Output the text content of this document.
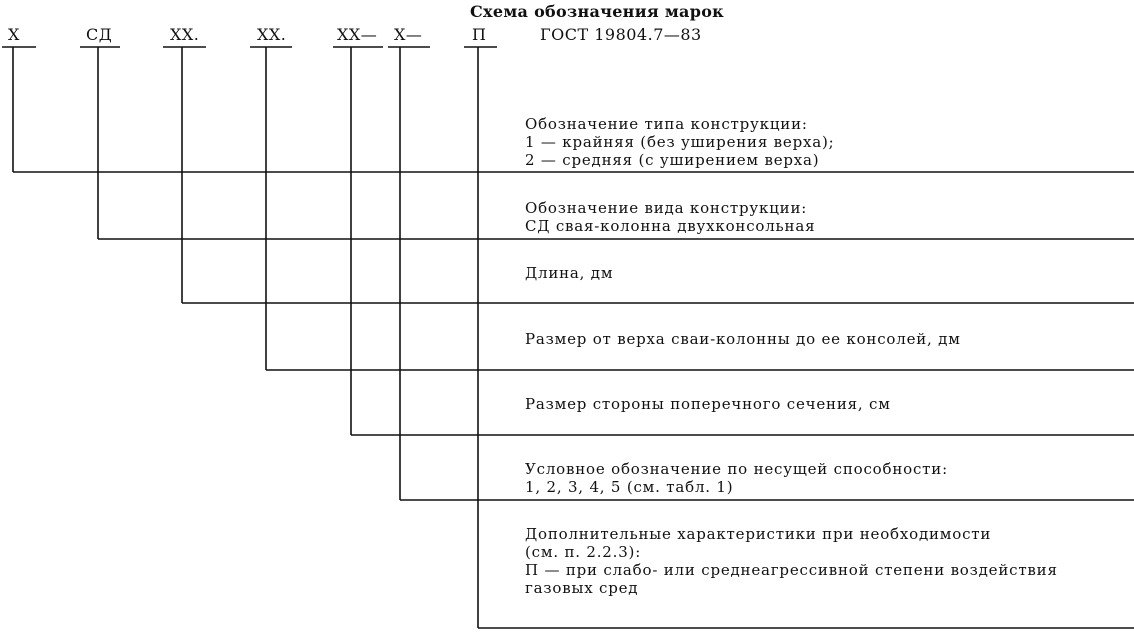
Схема обозначения марок
ГОСТ 19804.7—83
Х	СД	ХХ.	ХХ.	ХХ— Х—	П
Обозначение типа конструкции:
1 — крайняя (без уширения верха);
2 — средняя (с уширением верха)
Обозначение вида конструкции:
СД свая-колонна двухконсольная
Длина, дм
Размер от верха сваи-колонны до ее консолей, дм
Размер стороны поперечного сечения, см
Условное обозначение по несущей способности:
1, 2, 3, 4, 5 (см. табл. 1)
Дополнительные характеристики при необходимости
(см. п. 2.2.3):
П — при слабо- или среднеагрессивной степени воздействия
газовых сред
